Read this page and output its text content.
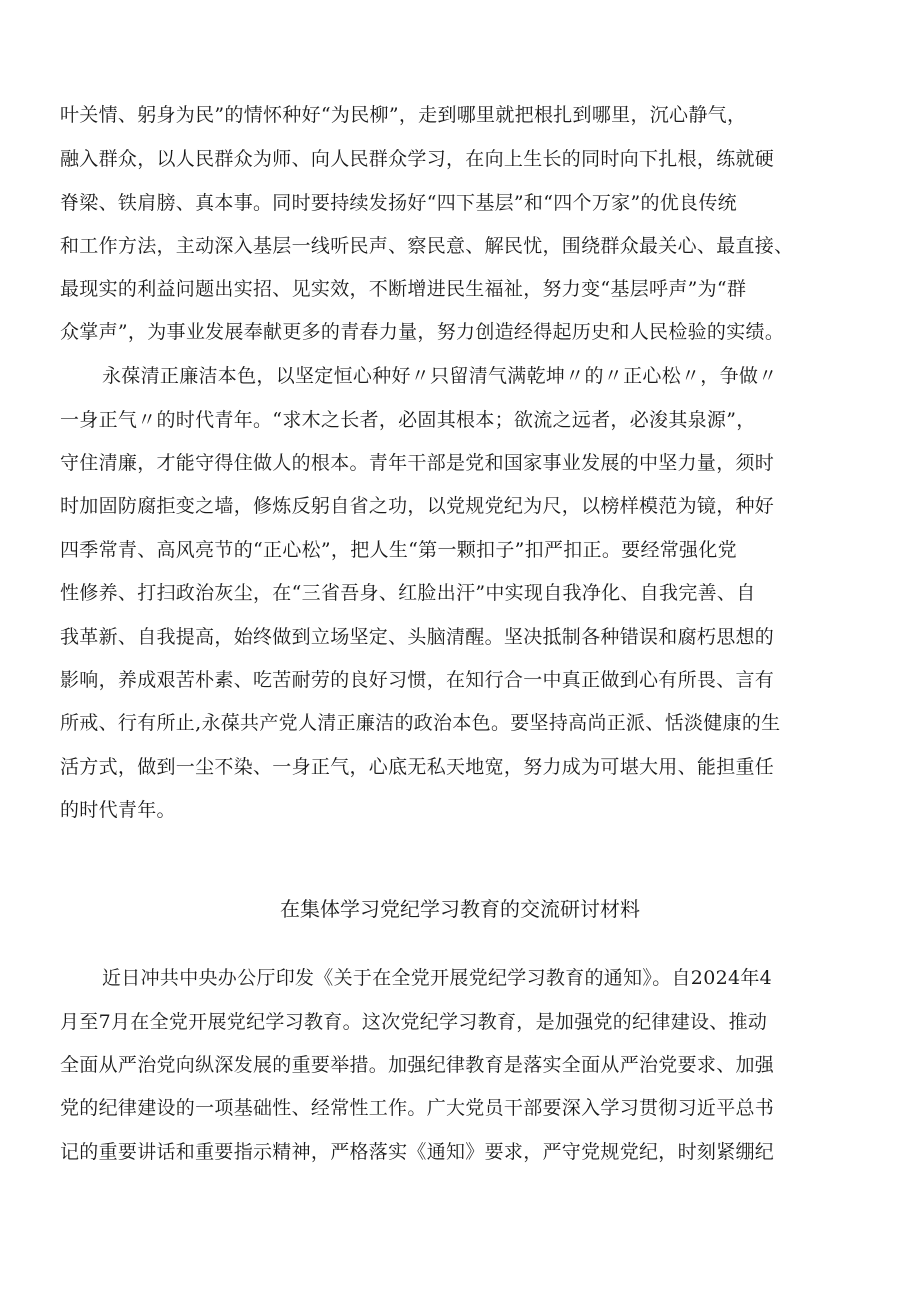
叶关情、躬身为民”的情怀种好“为民柳”，走到哪里就把根扎到哪里，沉心静气，
融入群众，以人民群众为师、向人民群众学习，在向上生长的同时向下扎根，练就硬
脊梁、铁肩膀、真本事。同时要持续发扬好“四下基层”和“四个万家”的优良传统
和工作方法，主动深入基层一线听民声、察民意、解民忧，围绕群众最关心、最直接、
最现实的利益问题出实招、见实效，不断增进民生福祉，努力变“基层呼声”为“群
众掌声”，为事业发展奉献更多的青春力量，努力创造经得起历史和人民检验的实绩。
永葆清正廉洁本色，以坚定恒心种好〃只留清气满乾坤〃的〃正心松〃，争做〃
一身正气〃的时代青年。“求木之长者，必固其根本；欲流之远者，必浚其泉源”，
守住清廉，才能守得住做人的根本。青年干部是党和国家事业发展的中坚力量，须时
时加固防腐拒变之墙，修炼反躬自省之功，以党规党纪为尺，以榜样模范为镜，种好
四季常青、高风亮节的“正心松”，把人生“第一颗扣子”扣严扣正。要经常强化党
性修养、打扫政治灰尘，在“三省吾身、红脸出汗”中实现自我净化、自我完善、自
我革新、自我提高，始终做到立场坚定、头脑清醒。坚决抵制各种错误和腐朽思想的
影响，养成艰苦朴素、吃苦耐劳的良好习惯，在知行合一中真正做到心有所畏、言有
所戒、行有所止,永葆共产党人清正廉洁的政治本色。要坚持高尚正派、恬淡健康的生
活方式，做到一尘不染、一身正气，心底无私天地宽，努力成为可堪大用、能担重任
的时代青年。
在集体学习党纪学习教育的交流研讨材料
近日冲共中央办公厅印发《关于在全党开展党纪学习教育的通知》。自2024年4
月至7月在全党开展党纪学习教育。这次党纪学习教育，是加强党的纪律建设、推动
全面从严治党向纵深发展的重要举措。加强纪律教育是落实全面从严治党要求、加强
党的纪律建设的一项基础性、经常性工作。广大党员干部要深入学习贯彻习近平总书
记的重要讲话和重要指示精神，严格落实《通知》要求，严守党规党纪，时刻紧绷纪
